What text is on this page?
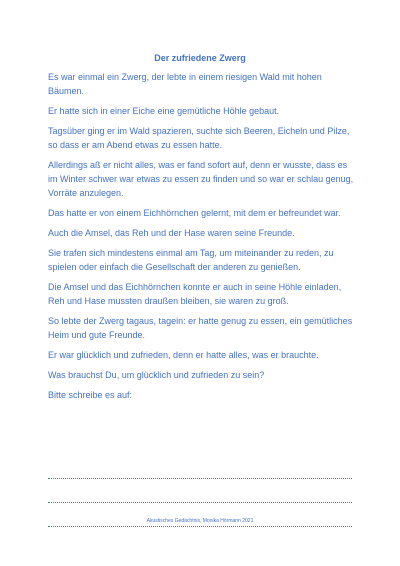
Der zufriedene Zwerg

Es war einmal ein Zwerg, der lebte in einem riesigen Wald mit hohen Bäumen.

Er hatte sich in einer Eiche eine gemütliche Höhle gebaut.

Tagsüber ging er im Wald spazieren, suchte sich Beeren, Eicheln und Pilze, so dass er am Abend etwas zu essen hatte.

Allerdings aß er nicht alles, was er fand sofort auf, denn er wusste, dass es im Winter schwer war etwas zu essen zu finden und so war er schlau genug, Vorräte anzulegen.

Das hatte er von einem Eichhörnchen gelernt, mit dem er befreundet war.

Auch die Amsel, das Reh und der Hase waren seine Freunde.

Sie trafen sich mindestens einmal am Tag, um miteinander zu reden, zu spielen oder einfach die Gesellschaft der anderen zu genießen.

Die Amsel und das Eichhörnchen konnte er auch in seine Höhle einladen, Reh und Hase mussten draußen bleiben, sie waren zu groß.

So lebte der Zwerg tagaus, tagein: er hatte genug zu essen, ein gemütliches Heim und gute Freunde.

Er war glücklich und zufrieden, denn er hatte alles, was er brauchte.

Was brauchst Du, um glücklich und zufrieden zu sein?

Bitte schreibe es auf:

Akustisches Gedächtnis, Monika Hörmann 2021
